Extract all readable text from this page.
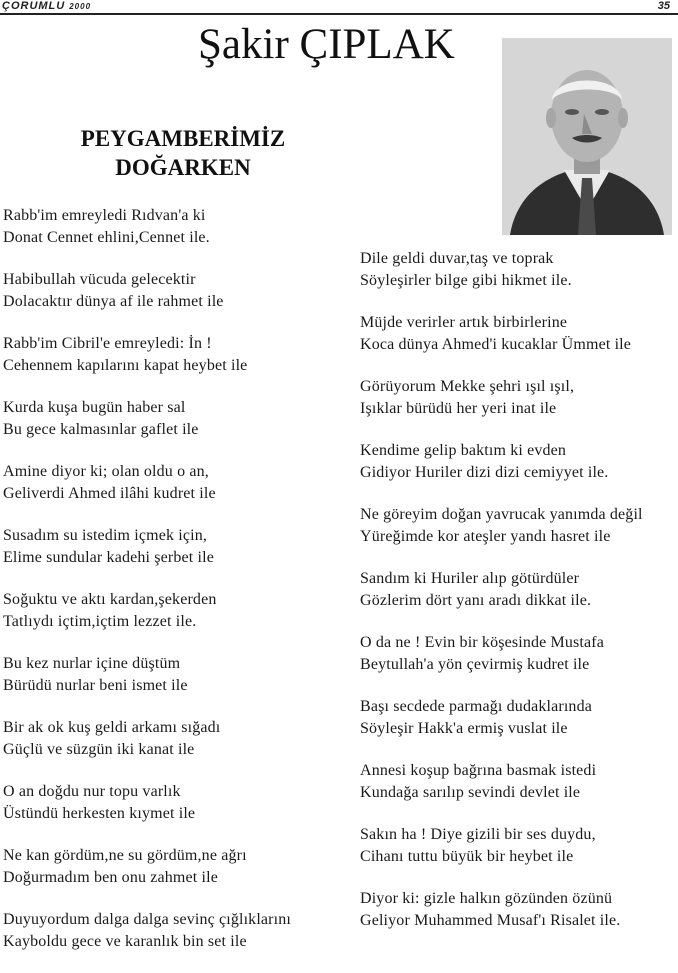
ÇORUMLU 2000	35
Şakir ÇIPLAK
PEYGAMBERİMİZ
DOĞARKEN
Rabb'im emreyledi Rıdvan'a ki
Donat Cennet ehlini,Cennet ile.
Habibullah vücuda gelecektir
Dolacaktır dünya af ile rahmet ile
Rabb'im Cibril'e emreyledi: İn !
Cehennem kapılarını kapat heybet ile
Kurda kuşa bugün haber sal
Bu gece kalmasınlar gaflet ile
Amine diyor ki; olan oldu o an,
Geliverdi Ahmed ilâhi kudret ile
Susadım su istedim içmek için,
Elime sundular kadehi şerbet ile
Soğuktu ve aktı kardan,şekerden
Tatlıydı içtim,içtim lezzet ile.
Bu kez nurlar içine düştüm
Bürüdü nurlar beni ismet ile
Bir ak ok kuş geldi arkamı sığadı
Güçlü ve süzgün iki kanat ile
O an doğdu nur topu varlık
Üstündü herkesten kıymet ile
Ne kan gördüm,ne su gördüm,ne ağrı
Doğurmadım ben onu zahmet ile
Duyuyordum dalga dalga sevinç çığlıklarını
Kayboldu gece ve karanlık bin set ile
Dile geldi duvar,taş ve toprak
Söyleşirler bilge gibi hikmet ile.
Müjde verirler artık birbirlerine
Koca dünya Ahmed'i kucaklar Ümmet ile
Görüyorum Mekke şehri ışıl ışıl,
Işıklar bürüdü her yeri inat ile
Kendime gelip baktım ki evden
Gidiyor Huriler dizi dizi cemiyyet ile.
Ne göreyim doğan yavrucak yanımda değil
Yüreğimde kor ateşler yandı hasret ile
Sandım ki Huriler alıp götürdüler
Gözlerim dört yanı aradı dikkat ile.
O da ne ! Evin bir köşesinde Mustafa
Beytullah'a yön çevirmiş kudret ile
Başı secdede parmağı dudaklarında
Söyleşir Hakk'a ermiş vuslat ile
Annesi koşup bağrına basmak istedi
Kundağa sarılıp sevindi devlet ile
Sakın ha ! Diye gizili bir ses duydu,
Cihanı tuttu büyük bir heybet ile
Diyor ki: gizle halkın gözünden özünü
Geliyor Muhammed Musaf'ı Risalet ile.
